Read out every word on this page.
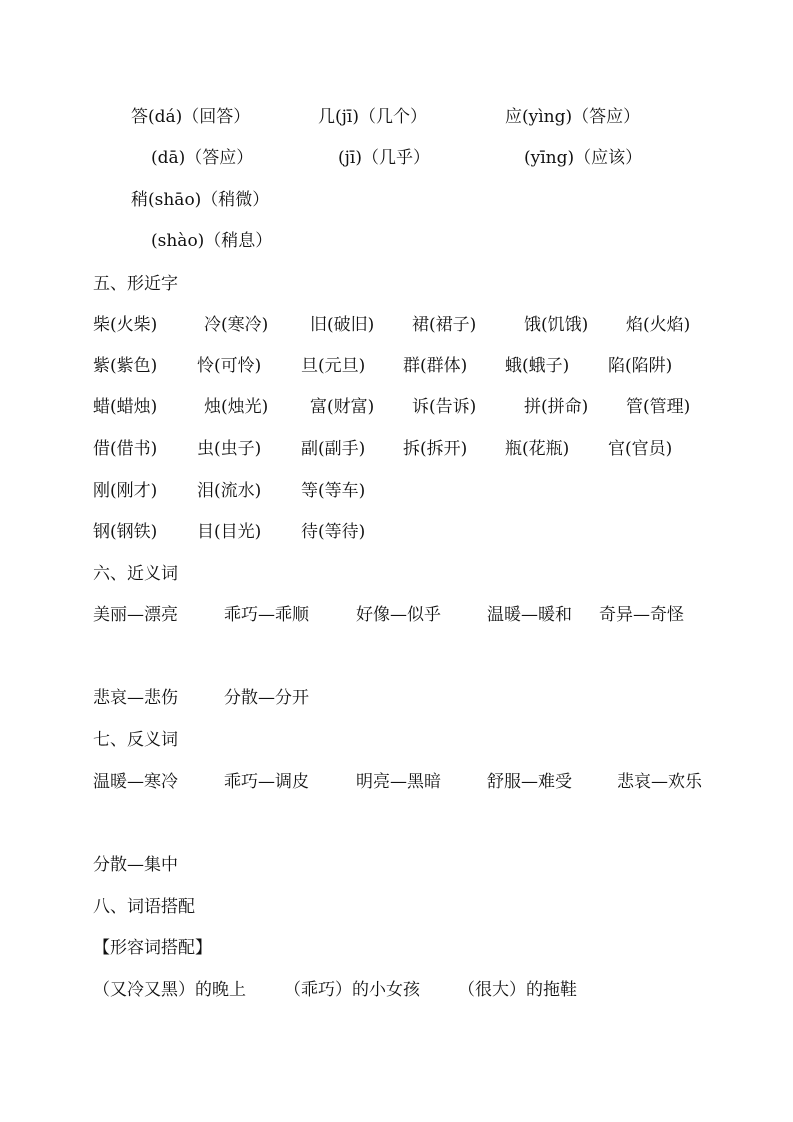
答(dá)（回答）	几(jī)（几个）	应(yìng)（答应）
(dā)（答应）	(jī)（几乎）	(yīng)（应该）
稍(shāo)（稍微）
(shào)（稍息）
五、形近字
柴(火柴)	冷(寒冷) 旧(破旧) 裙(裙子)	饿(饥饿) 焰(火焰)
紫(紫色) 怜(可怜) 旦(元旦) 群(群体) 蛾(蛾子) 陷(陷阱)
蜡(蜡烛)	烛(烛光) 富(财富) 诉(告诉)	拼(拼命) 管(管理)
借(借书) 虫(虫子) 副(副手) 拆(拆开) 瓶(花瓶) 官(官员)
刚(刚才) 泪(流水) 等(等车)
钢(钢铁) 目(目光) 待(等待)
六、近义词
美丽—漂亮	乖巧—乖顺	好像—似乎	温暖—暖和 奇异—奇怪
悲哀—悲伤	分散—分开
七、反义词
温暖—寒冷	乖巧—调皮	明亮—黑暗	舒服—难受	悲哀—欢乐
分散—集中
八、词语搭配
【形容词搭配】
（又冷又黑）的晚上 （乖巧）的小女孩 （很大）的拖鞋
